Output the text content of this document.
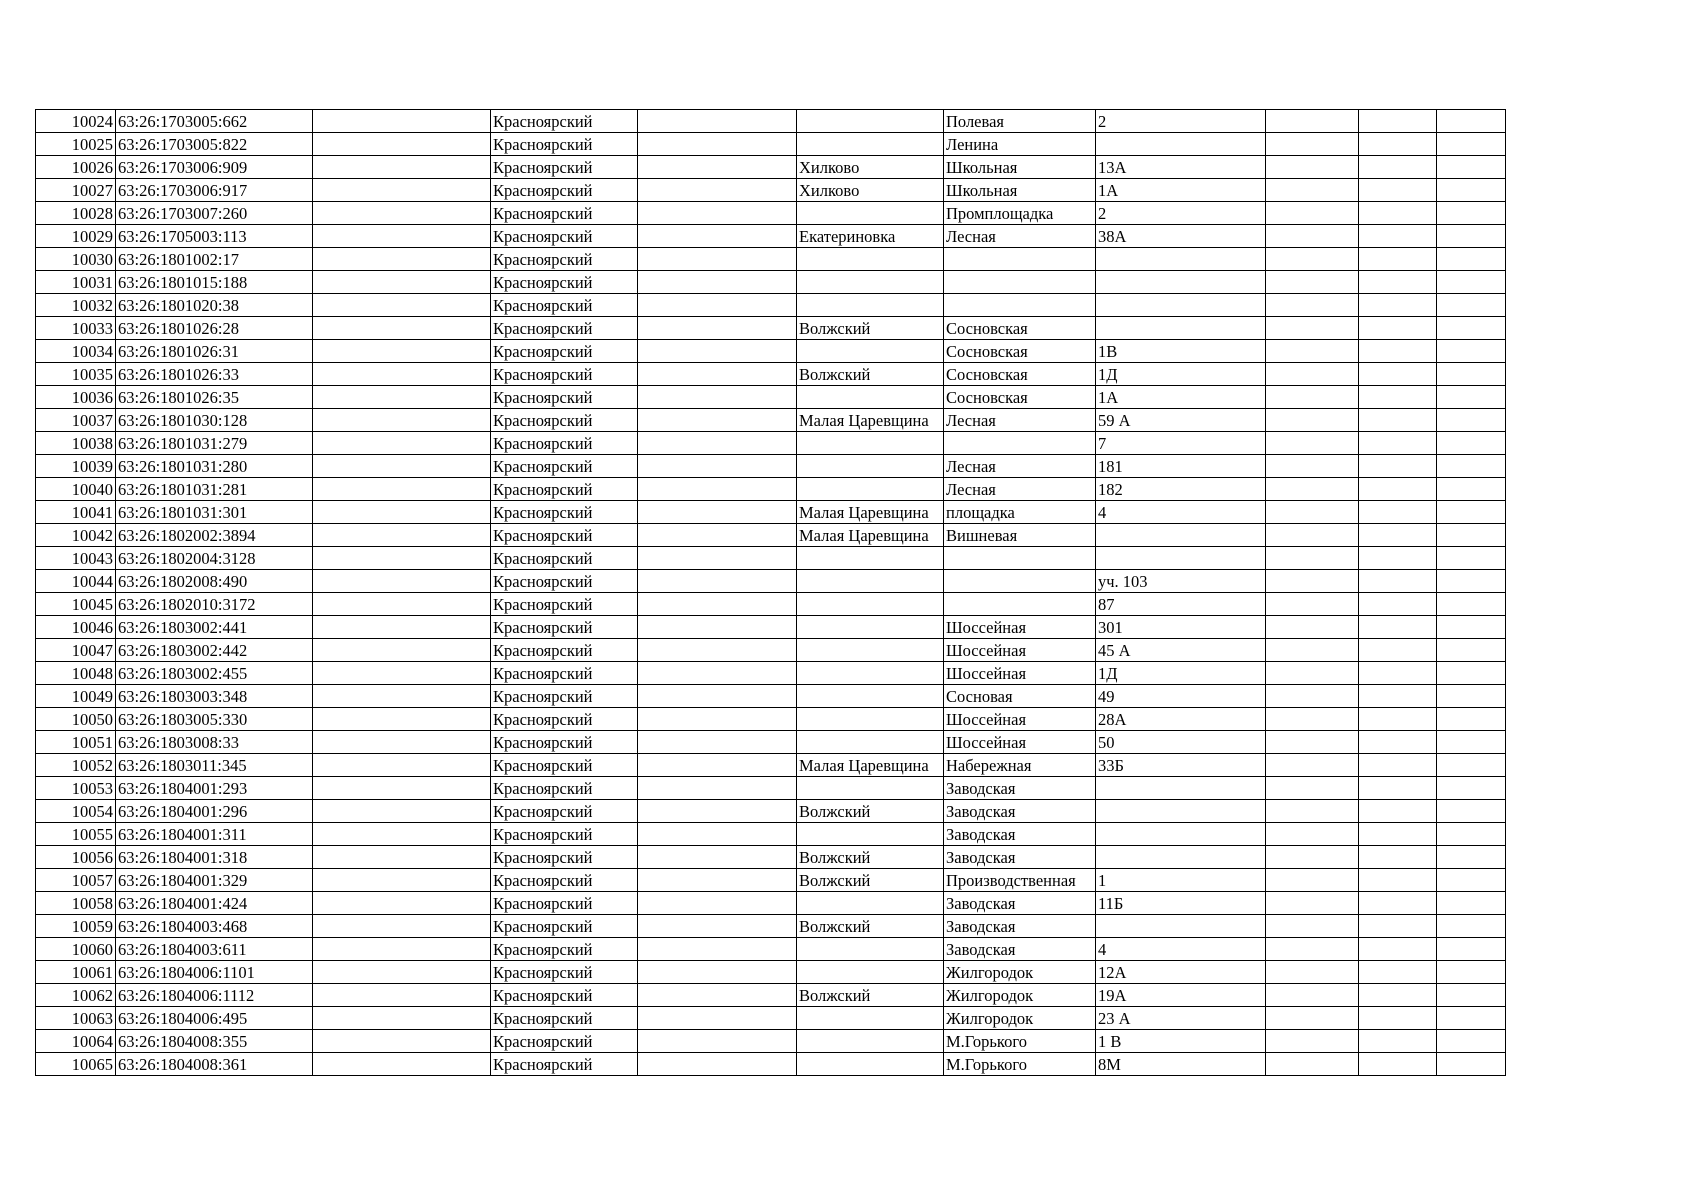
10024	63:26:1703005:662		Красноярский			Полевая	2			
10025	63:26:1703005:822		Красноярский			Ленина				
10026	63:26:1703006:909		Красноярский		Хилково	Школьная	13А			
10027	63:26:1703006:917		Красноярский		Хилково	Школьная	1А			
10028	63:26:1703007:260		Красноярский			Промплощадка	2			
10029	63:26:1705003:113		Красноярский		Екатериновка	Лесная	38А			
10030	63:26:1801002:17		Красноярский							
10031	63:26:1801015:188		Красноярский							
10032	63:26:1801020:38		Красноярский							
10033	63:26:1801026:28		Красноярский		Волжский	Сосновская				
10034	63:26:1801026:31		Красноярский			Сосновская	1В			
10035	63:26:1801026:33		Красноярский		Волжский	Сосновская	1Д			
10036	63:26:1801026:35		Красноярский			Сосновская	1А			
10037	63:26:1801030:128		Красноярский		Малая Царевщина	Лесная	59 А			
10038	63:26:1801031:279		Красноярский				7			
10039	63:26:1801031:280		Красноярский			Лесная	181			
10040	63:26:1801031:281		Красноярский			Лесная	182			
10041	63:26:1801031:301		Красноярский		Малая Царевщина	площадка	4			
10042	63:26:1802002:3894		Красноярский		Малая Царевщина	Вишневая				
10043	63:26:1802004:3128		Красноярский							
10044	63:26:1802008:490		Красноярский				уч. 103			
10045	63:26:1802010:3172		Красноярский				87			
10046	63:26:1803002:441		Красноярский			Шоссейная	301			
10047	63:26:1803002:442		Красноярский			Шоссейная	45 А			
10048	63:26:1803002:455		Красноярский			Шоссейная	1Д			
10049	63:26:1803003:348		Красноярский			Сосновая	49			
10050	63:26:1803005:330		Красноярский			Шоссейная	28А			
10051	63:26:1803008:33		Красноярский			Шоссейная	50			
10052	63:26:1803011:345		Красноярский		Малая Царевщина	Набережная	33Б			
10053	63:26:1804001:293		Красноярский			Заводская				
10054	63:26:1804001:296		Красноярский		Волжский	Заводская				
10055	63:26:1804001:311		Красноярский			Заводская				
10056	63:26:1804001:318		Красноярский		Волжский	Заводская				
10057	63:26:1804001:329		Красноярский		Волжский	Производственная	1			
10058	63:26:1804001:424		Красноярский			Заводская	11Б			
10059	63:26:1804003:468		Красноярский		Волжский	Заводская				
10060	63:26:1804003:611		Красноярский			Заводская	4			
10061	63:26:1804006:1101		Красноярский			Жилгородок	12А			
10062	63:26:1804006:1112		Красноярский		Волжский	Жилгородок	19А			
10063	63:26:1804006:495		Красноярский			Жилгородок	23 А			
10064	63:26:1804008:355		Красноярский			М.Горького	1 В			
10065	63:26:1804008:361		Красноярский			М.Горького	8М			
